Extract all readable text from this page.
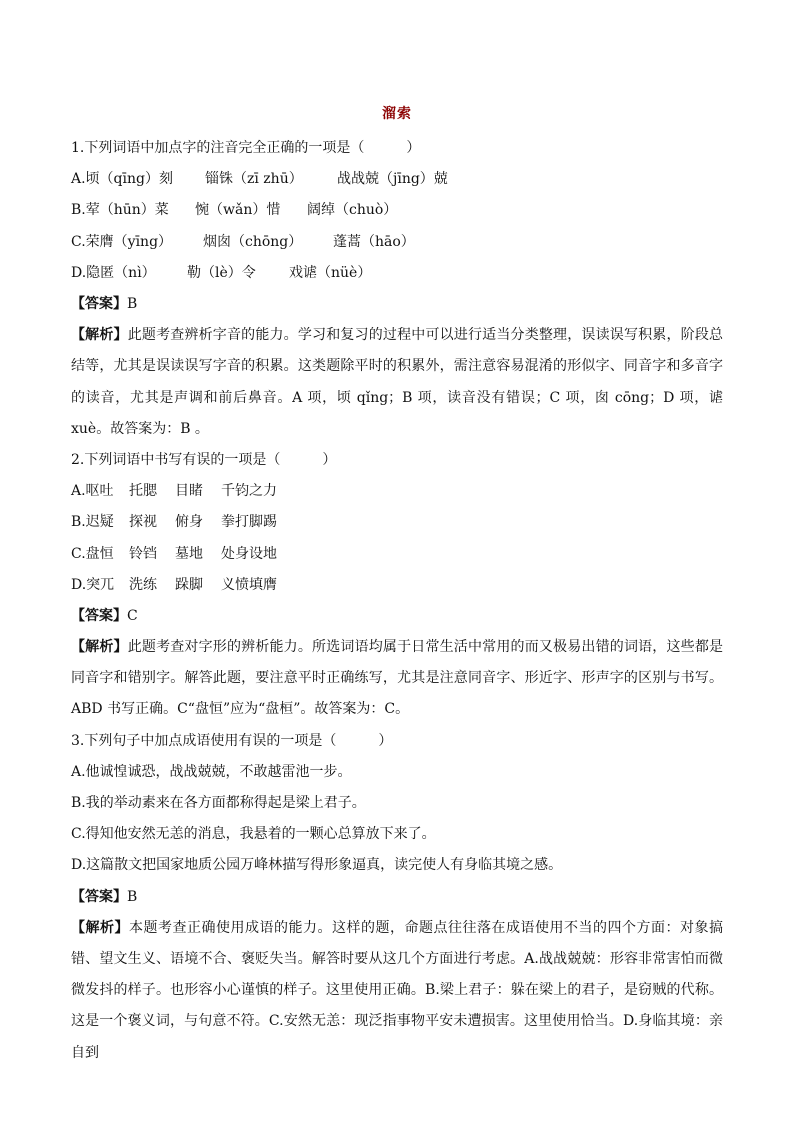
溜索
1.下列词语中加点字的注音完全正确的一项是（　　　）
A.顷（qīng）刻 锱铢（zī zhū） 战战兢（jīng）兢
B.荤（hūn）菜 惋（wǎn）惜 阔绰（chuò）
C.荣膺（yīng） 烟囱（chōng） 蓬蒿（hāo）
D.隐匿（nì） 勒（lè）令 戏谑（nüè）
【答案】B
【解析】此题考查辨析字音的能力。学习和复习的过程中可以进行适当分类整理，误读误写积累，阶段总结等，尤其是误读误写字音的积累。这类题除平时的积累外，需注意容易混淆的形似字、同音字和多音字的读音，尤其是声调和前后鼻音。A 项，顷 qǐng；B 项，读音没有错误；C 项，囱 cōng；D 项，谑 xuè。故答案为：B 。
2.下列词语中书写有误的一项是（　　　）
A.呕吐 托腮 目睹 千钧之力
B.迟疑 探视 俯身 拳打脚踢
C.盘恒 铃铛 墓地 处身设地
D.突兀 洗练 跺脚 义愤填膺
【答案】C
【解析】此题考查对字形的辨析能力。所选词语均属于日常生活中常用的而又极易出错的词语，这些都是同音字和错别字。解答此题，要注意平时正确练写，尤其是注意同音字、形近字、形声字的区别与书写。ABD 书写正确。C“盘恒”应为“盘桓”。故答案为：C。
3.下列句子中加点成语使用有误的一项是（　　　）
A.他诚惶诚恐，战战兢兢，不敢越雷池一步。
B.我的举动素来在各方面都称得起是梁上君子。
C.得知他安然无恙的消息，我悬着的一颗心总算放下来了。
D.这篇散文把国家地质公园万峰林描写得形象逼真，读完使人有身临其境之感。
【答案】B
【解析】本题考查正确使用成语的能力。这样的题，命题点往往落在成语使用不当的四个方面：对象搞错、望文生义、语境不合、褒贬失当。解答时要从这几个方面进行考虑。A.战战兢兢：形容非常害怕而微微发抖的样子。也形容小心谨慎的样子。这里使用正确。B.梁上君子：躲在梁上的君子，是窃贼的代称。这是一个褒义词，与句意不符。C.安然无恙：现泛指事物平安未遭损害。这里使用恰当。D.身临其境：亲自到
